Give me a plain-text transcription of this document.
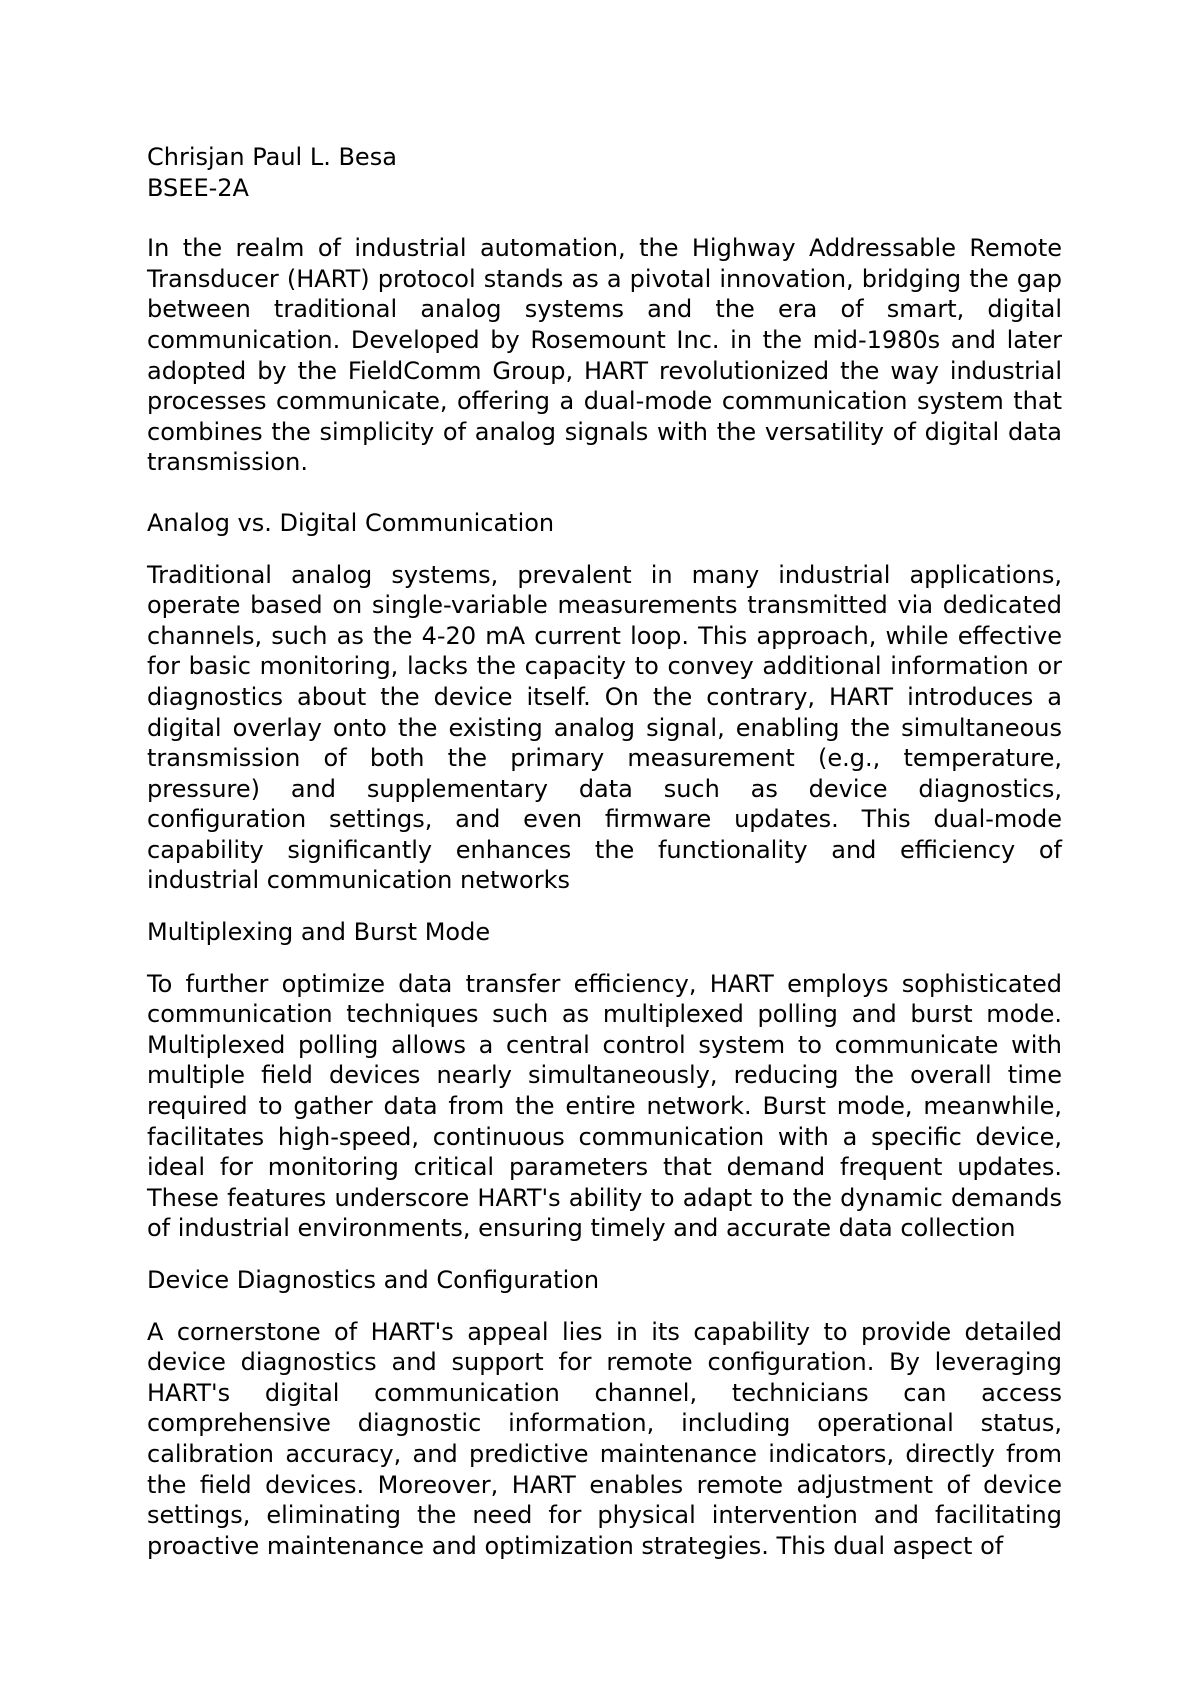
Chrisjan Paul L. Besa

BSEE-2A

In the realm of industrial automation, the Highway Addressable Remote Transducer (HART) protocol stands as a pivotal innovation, bridging the gap between traditional analog systems and the era of smart, digital communication. Developed by Rosemount Inc. in the mid-1980s and later adopted by the FieldComm Group, HART revolutionized the way industrial processes communicate, offering a dual-mode communication system that combines the simplicity of analog signals with the versatility of digital data transmission.

Analog vs. Digital Communication

Traditional analog systems, prevalent in many industrial applications, operate based on single-variable measurements transmitted via dedicated channels, such as the 4-20 mA current loop. This approach, while effective for basic monitoring, lacks the capacity to convey additional information or diagnostics about the device itself. On the contrary, HART introduces a digital overlay onto the existing analog signal, enabling the simultaneous transmission of both the primary measurement (e.g., temperature, pressure) and supplementary data such as device diagnostics, configuration settings, and even firmware updates. This dual-mode capability significantly enhances the functionality and efficiency of industrial communication networks

Multiplexing and Burst Mode

To further optimize data transfer efficiency, HART employs sophisticated communication techniques such as multiplexed polling and burst mode. Multiplexed polling allows a central control system to communicate with multiple field devices nearly simultaneously, reducing the overall time required to gather data from the entire network. Burst mode, meanwhile, facilitates high-speed, continuous communication with a specific device, ideal for monitoring critical parameters that demand frequent updates. These features underscore HART's ability to adapt to the dynamic demands of industrial environments, ensuring timely and accurate data collection

Device Diagnostics and Configuration

A cornerstone of HART's appeal lies in its capability to provide detailed device diagnostics and support for remote configuration. By leveraging HART's digital communication channel, technicians can access comprehensive diagnostic information, including operational status, calibration accuracy, and predictive maintenance indicators, directly from the field devices. Moreover, HART enables remote adjustment of device settings, eliminating the need for physical intervention and facilitating proactive maintenance and optimization strategies. This dual aspect of
